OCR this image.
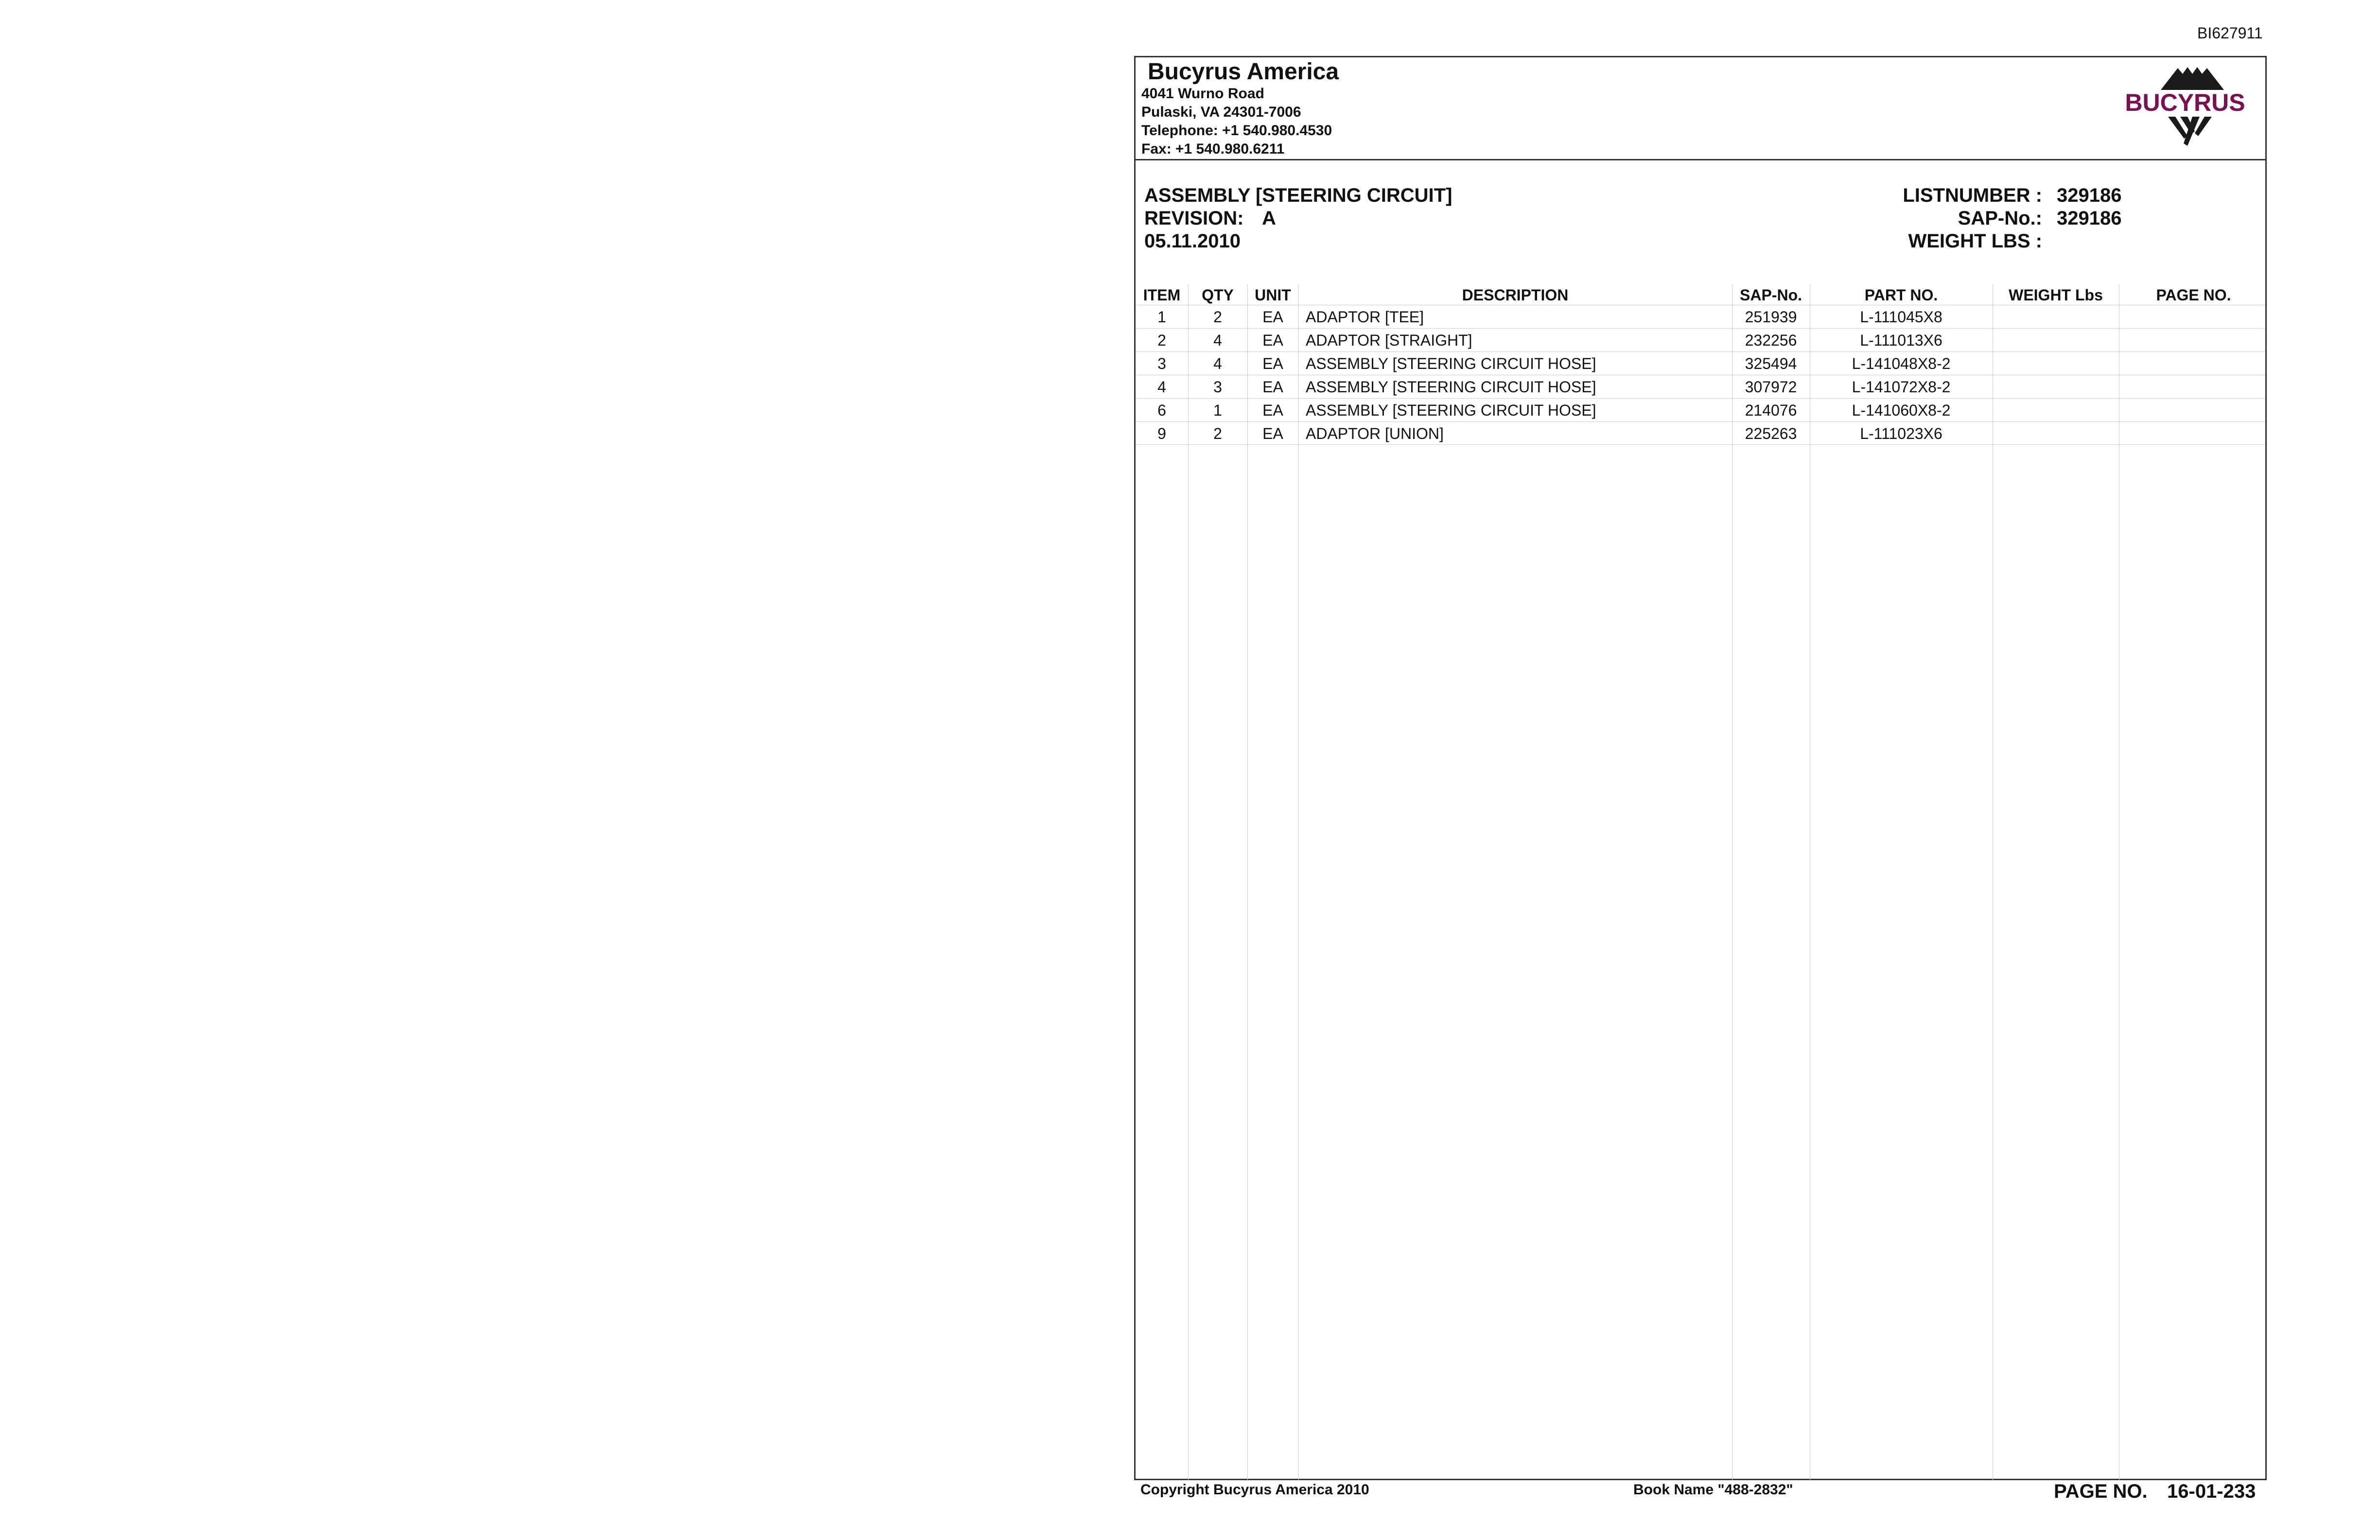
BI627911
Bucyrus America
4041 Wurno Road
Pulaski, VA 24301-7006
Telephone: +1 540.980.4530
Fax: +1 540.980.6211
BUCYRUS
ASSEMBLY [STEERING CIRCUIT]
REVISION: A
05.11.2010
LISTNUMBER : 329186
SAP-No.: 329186
WEIGHT LBS :
ITEM	QTY	UNIT	DESCRIPTION	SAP-No.	PART NO.	WEIGHT Lbs	PAGE NO.
1	2	EA	ADAPTOR [TEE]	251939	L-111045X8
2	4	EA	ADAPTOR [STRAIGHT]	232256	L-111013X6
3	4	EA	ASSEMBLY [STEERING CIRCUIT HOSE]	325494	L-141048X8-2
4	3	EA	ASSEMBLY [STEERING CIRCUIT HOSE]	307972	L-141072X8-2
6	1	EA	ASSEMBLY [STEERING CIRCUIT HOSE]	214076	L-141060X8-2
9	2	EA	ADAPTOR [UNION]	225263	L-111023X6
Copyright Bucyrus America 2010	Book Name "488-2832"	PAGE NO. 16-01-233
